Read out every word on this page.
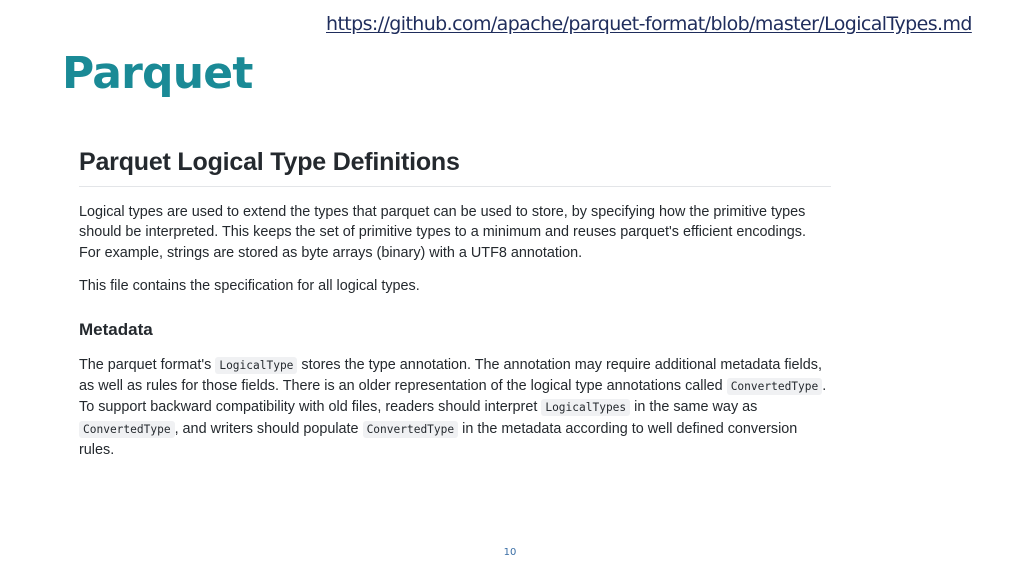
https://github.com/apache/parquet-format/blob/master/LogicalTypes.md
Parquet
Parquet Logical Type Definitions

Logical types are used to extend the types that parquet can be used to store, by specifying how the primitive types should be interpreted. This keeps the set of primitive types to a minimum and reuses parquet's efficient encodings. For example, strings are stored as byte arrays (binary) with a UTF8 annotation.

This file contains the specification for all logical types.

Metadata

The parquet format's LogicalType stores the type annotation. The annotation may require additional metadata fields, as well as rules for those fields. There is an older representation of the logical type annotations called ConvertedType . To support backward compatibility with old files, readers should interpret LogicalTypes in the same way as ConvertedType , and writers should populate ConvertedType in the metadata according to well defined conversion rules.

10
